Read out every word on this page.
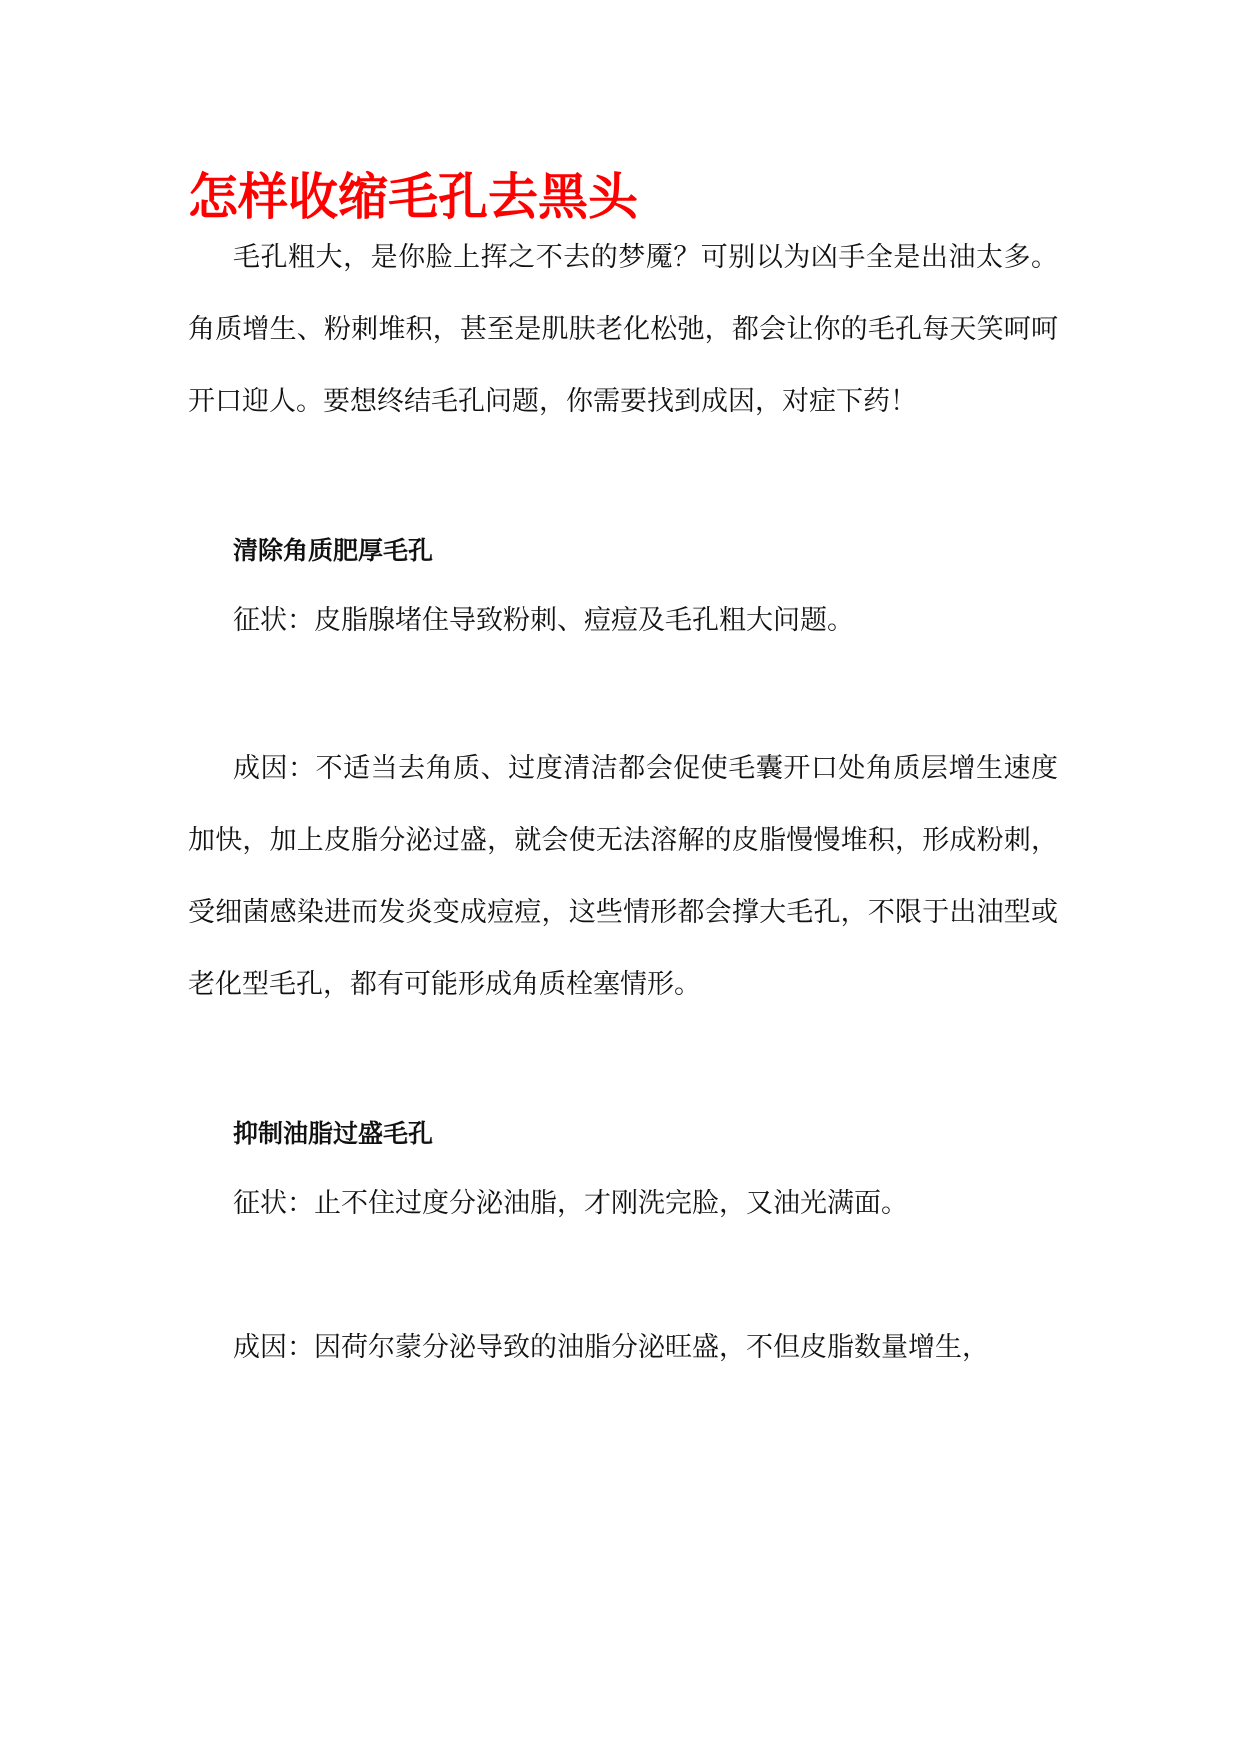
怎样收缩毛孔去黑头

毛孔粗大，是你脸上挥之不去的梦魇？可别以为凶手全是出油太多。角质增生、粉刺堆积，甚至是肌肤老化松弛，都会让你的毛孔每天笑呵呵开口迎人。要想终结毛孔问题，你需要找到成因，对症下药！

清除角质肥厚毛孔

征状：皮脂腺堵住导致粉刺、痘痘及毛孔粗大问题。

成因：不适当去角质、过度清洁都会促使毛囊开口处角质层增生速度加快，加上皮脂分泌过盛，就会使无法溶解的皮脂慢慢堆积，形成粉刺，受细菌感染进而发炎变成痘痘，这些情形都会撑大毛孔，不限于出油型或老化型毛孔，都有可能形成角质栓塞情形。

抑制油脂过盛毛孔

征状：止不住过度分泌油脂，才刚洗完脸，又油光满面。

成因：因荷尔蒙分泌导致的油脂分泌旺盛，不但皮脂数量增生，
